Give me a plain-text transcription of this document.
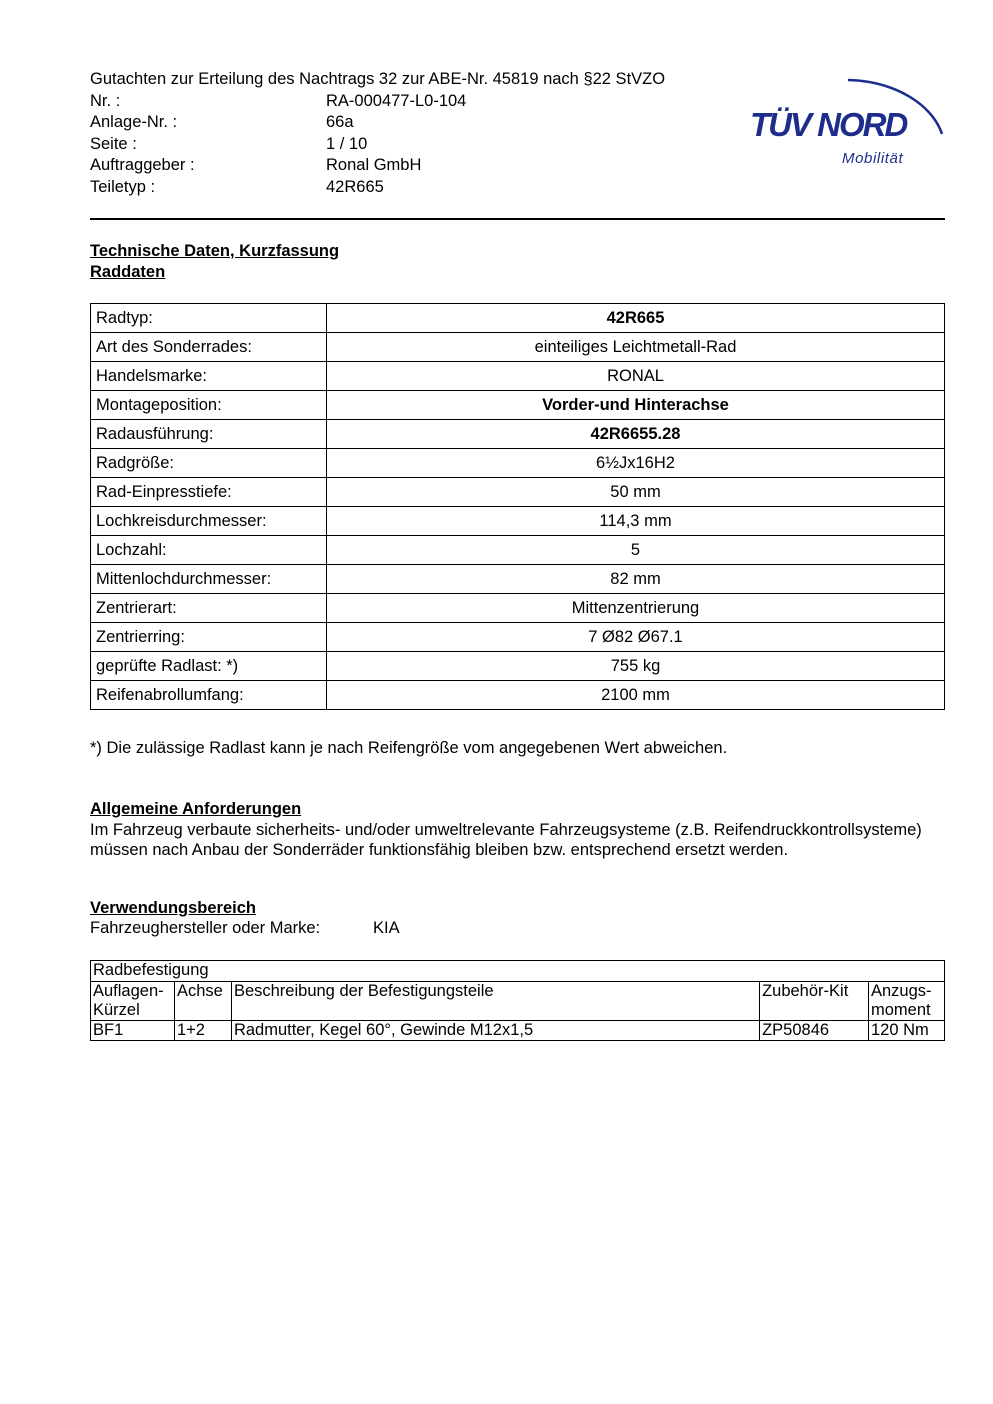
Gutachten zur Erteilung des Nachtrags 32 zur ABE-Nr. 45819 nach §22 StVZO
Nr. :	RA-000477-L0-104
Anlage-Nr. :	66a
Seite :	1 / 10
Auftraggeber :	Ronal GmbH
Teiletyp :	42R665
TÜV NORD
Mobilität
Technische Daten, Kurzfassung
Raddaten
Radtyp:	42R665
Art des Sonderrades:	einteiliges Leichtmetall-Rad
Handelsmarke:	RONAL
Montageposition:	Vorder-und Hinterachse
Radausführung:	42R6655.28
Radgröße:	6½Jx16H2
Rad-Einpresstiefe:	50 mm
Lochkreisdurchmesser:	114,3 mm
Lochzahl:	5
Mittenlochdurchmesser:	82 mm
Zentrierart:	Mittenzentrierung
Zentrierring:	7 Ø82 Ø67.1
geprüfte Radlast: *)	755 kg
Reifenabrollumfang:	2100 mm
*) Die zulässige Radlast kann je nach Reifengröße vom angegebenen Wert abweichen.
Allgemeine Anforderungen
Im Fahrzeug verbaute sicherheits- und/oder umweltrelevante Fahrzeugsysteme (z.B. Reifendruckkontrollsysteme) müssen nach Anbau der Sonderräder funktionsfähig bleiben bzw. entsprechend ersetzt werden.
Verwendungsbereich
Fahrzeughersteller oder Marke:	KIA
Radbefestigung				
Auflagen-Kürzel	Achse	Beschreibung der Befestigungsteile	Zubehör-Kit	Anzugs-moment
BF1	1+2	Radmutter, Kegel 60°, Gewinde M12x1,5	ZP50846	120 Nm
